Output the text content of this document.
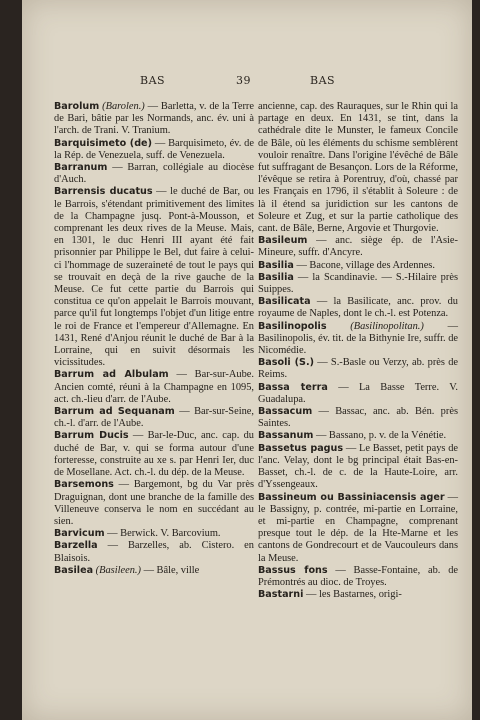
BAS	39	BAS
Barolum (Barolen.) — Barletta, v. de la Terre de Bari, bâtie par les Normands, anc. év. uni à l'arch. de Trani. V. Tranium.
Barquisimeto (de) — Barquisimeto, év. de la Rép. de Venezuela, suff. de Venezuela.
Barranum — Barran, collégiale au diocèse d'Auch.
Barrensis ducatus — le duché de Bar, ou le Barrois, s'étendant primitivement des limites de la Champagne jusq. Pont-à-Mousson, et comprenant les deux rives de la Meuse. Mais, en 1301, le duc Henri III ayant été fait prisonnier par Philippe le Bel, dut faire à celui-ci l'hommage de suzeraineté de tout le pays qui se trouvait en deçà de la rive gauche de la Meuse. Ce fut cette partie du Barrois qui constitua ce qu'on appelait le Barrois mouvant, parce qu'il fut longtemps l'objet d'un litige entre le roi de France et l'empereur d'Allemagne. En 1431, René d'Anjou réunit le duché de Bar à la Lorraine, qui en suivit désormais les vicissitudes.
Barrum ad Albulam — Bar-sur-Aube. Ancien comté, réuni à la Champagne en 1095, act. ch.-lieu d'arr. de l'Aube.
Barrum ad Sequanam — Bar-sur-Seine, ch.-l. d'arr. de l'Aube.
Barrum Ducis — Bar-le-Duc, anc. cap. du duché de Bar, v. qui se forma autour d'une forteresse, construite au xe s. par Henri Ier, duc de Mosellane. Act. ch.-l. du dép. de la Meuse.
Barsemons — Bargemont, bg du Var près Draguignan, dont une branche de la famille des Villeneuve conserva le nom en succédant au sien.
Barvicum — Berwick. V. Barcovium.
Barzella — Barzelles, ab. Cistero. en Blaisois.
Basilea (Basileen.) — Bâle, ville
ancienne, cap. des Rauraques, sur le Rhin qui la partage en deux. En 1431, se tint, dans la cathédrale dite le Munster, le fameux Concile de Bâle, où les éléments du schisme semblèrent vouloir renaître. Dans l'origine l'évêché de Bâle fut suffragant de Besançon. Lors de la Réforme, l'évêque se retira à Porentruy, d'où, chassé par les Français en 1796, il s'établit à Soleure : de là il étend sa juridiction sur les cantons de Soleure et Zug, et sur la partie catholique des cant. de Bâle, Berne, Argovie et Thurgovie.
Basileum — anc. siège ép. de l'Asie-Mineure, suffr. d'Ancyre.
Basilia — Bacone, village des Ardennes.
Basilia — la Scandinavie. — S.-Hilaire près Suippes.
Basilicata — la Basilicate, anc. prov. du royaume de Naples, dont le ch.-l. est Potenza.
Basilinopolis (Basilinopolitan.) — Basilinopolis, év. tit. de la Bithynie Ire, suffr. de Nicomédie.
Basoli (S.) — S.-Basle ou Verzy, ab. près de Reims.
Bassa terra — La Basse Terre. V. Guadalupa.
Bassacum — Bassac, anc. ab. Bén. près Saintes.
Bassanum — Bassano, p. v. de la Vénétie.
Bassetus pagus — Le Basset, petit pays de l'anc. Velay, dont le bg principal était Bas-en-Basset, ch.-l. de c. de la Haute-Loire, arr. d'Yssengeaux.
Bassineum ou Bassiniacensis ager — le Bassigny, p. contrée, mi-partie en Lorraine, et mi-partie en Champagne, comprenant presque tout le dép. de la Hte-Marne et les cantons de Gondrecourt et de Vaucouleurs dans la Meuse.
Bassus fons — Basse-Fontaine, ab. de Prémontrés au dioc. de Troyes.
Bastarni — les Bastarnes, origi-
